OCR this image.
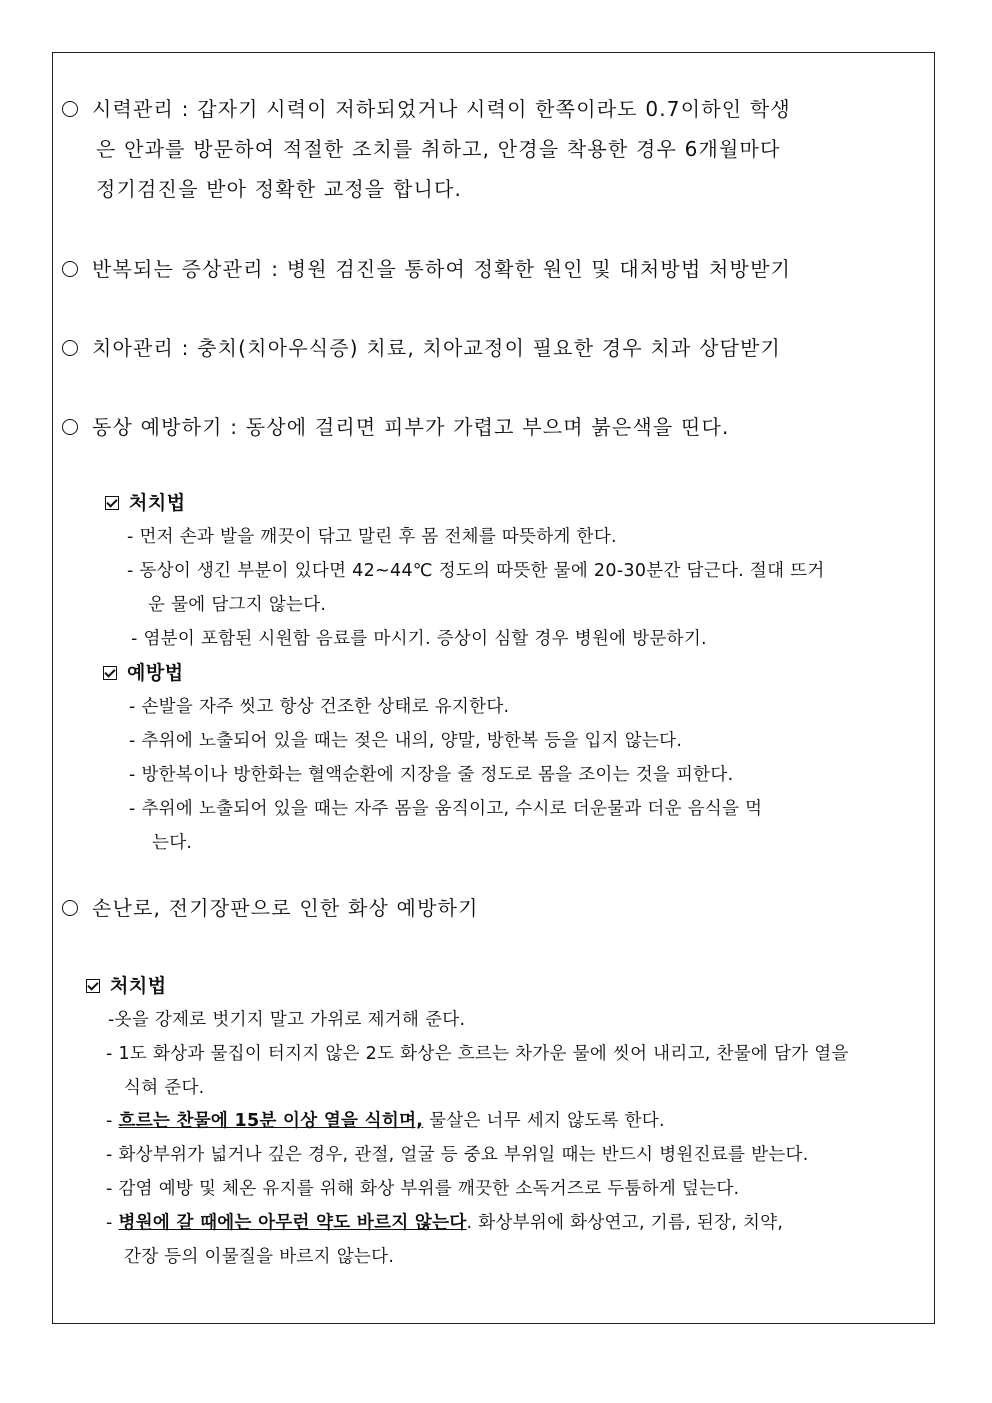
시력관리 : 갑자기 시력이 저하되었거나 시력이 한쪽이라도 0.7이하인 학생
은 안과를 방문하여 적절한 조치를 취하고, 안경을 착용한 경우 6개월마다
정기검진을 받아 정확한 교정을 합니다.
반복되는 증상관리 : 병원 검진을 통하여 정확한 원인 및 대처방법 처방받기
치아관리 : 충치(치아우식증) 치료, 치아교정이 필요한 경우 치과 상담받기
동상 예방하기 : 동상에 걸리면 피부가 가렵고 부으며 붉은색을 띤다.
처치법
- 먼저 손과 발을 깨끗이 닦고 말린 후 몸 전체를 따뜻하게 한다.
- 동상이 생긴 부분이 있다면 42~44℃ 정도의 따뜻한 물에 20-30분간 담근다. 절대 뜨거
운 물에 담그지 않는다.
- 염분이 포함된 시원함 음료를 마시기. 증상이 심할 경우 병원에 방문하기.
예방법
- 손발을 자주 씻고 항상 건조한 상태로 유지한다.
- 추위에 노출되어 있을 때는 젖은 내의, 양말, 방한복 등을 입지 않는다.
- 방한복이나 방한화는 혈액순환에 지장을 줄 정도로 몸을 조이는 것을 피한다.
- 추위에 노출되어 있을 때는 자주 몸을 움직이고, 수시로 더운물과 더운 음식을 먹
는다.
손난로, 전기장판으로 인한 화상 예방하기
처치법
-옷을 강제로 벗기지 말고 가위로 제거해 준다.
- 1도 화상과 물집이 터지지 않은 2도 화상은 흐르는 차가운 물에 씻어 내리고, 찬물에 담가 열을
식혀 준다.
- 흐르는 찬물에 15분 이상 열을 식히며, 물살은 너무 세지 않도록 한다.
- 화상부위가 넓거나 깊은 경우, 관절, 얼굴 등 중요 부위일 때는 반드시 병원진료를 받는다.
- 감염 예방 및 체온 유지를 위해 화상 부위를 깨끗한 소독거즈로 두툼하게 덮는다.
- 병원에 갈 때에는 아무런 약도 바르지 않는다. 화상부위에 화상연고, 기름, 된장, 치약,
간장 등의 이물질을 바르지 않는다.
